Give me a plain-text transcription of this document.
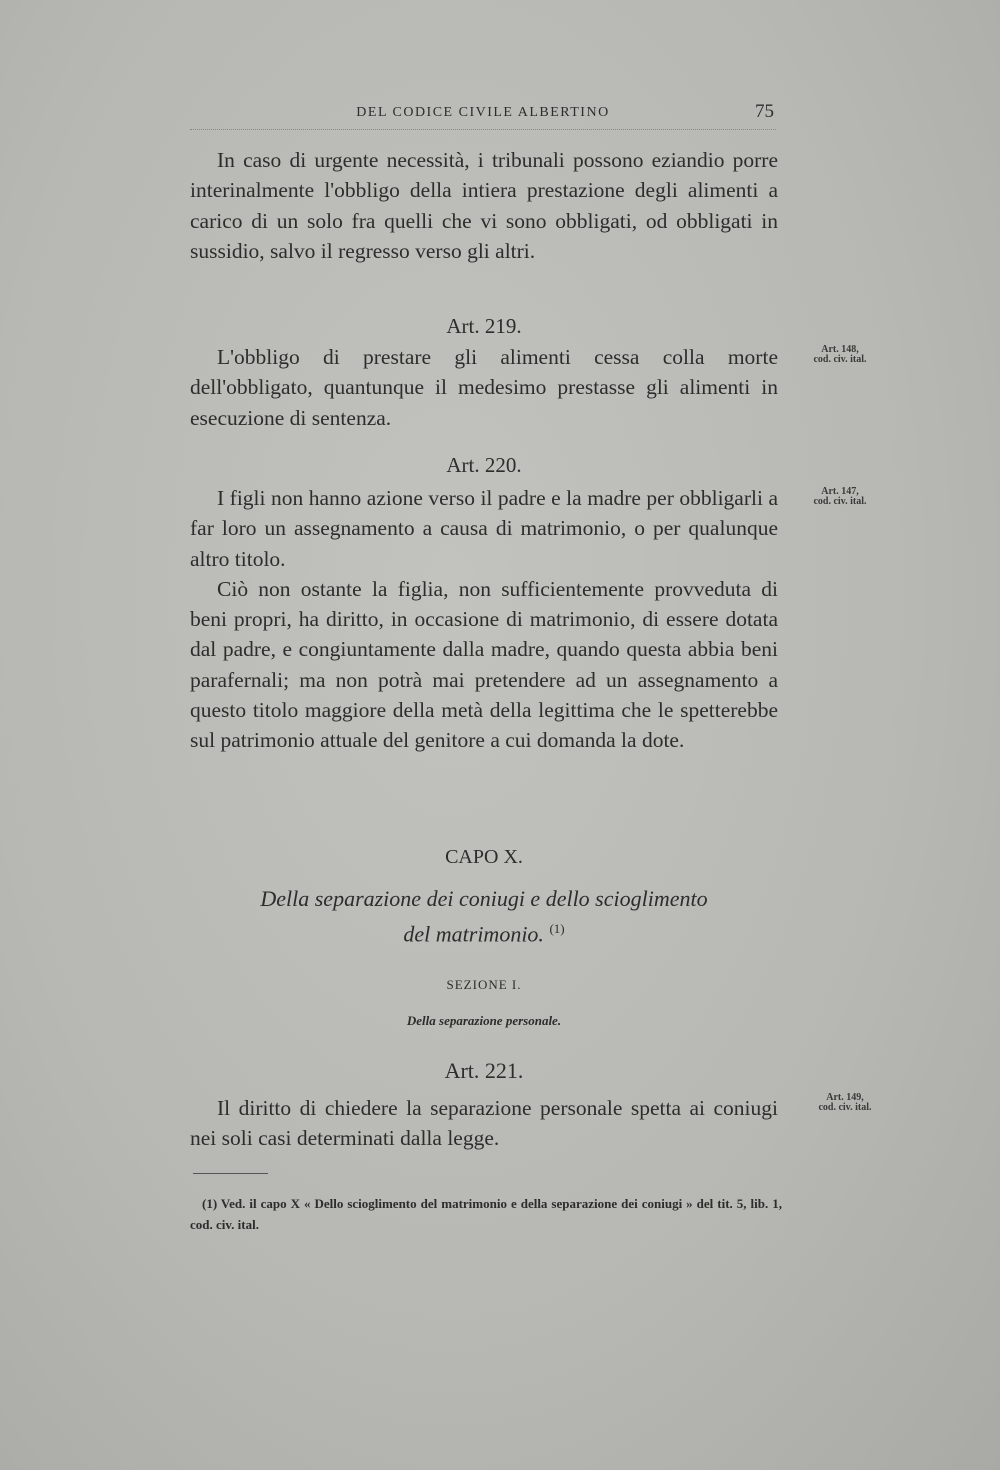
DEL CODICE CIVILE ALBERTINO	75

In caso di urgente necessità, i tribunali possono eziandio porre interinalmente l'obbligo della intiera prestazione degli alimenti a carico di un solo fra quelli che vi sono obbligati, od obbligati in sussidio, salvo il regresso verso gli altri.

Art. 219.

L'obbligo di prestare gli alimenti cessa colla morte dell'obbligato, quantunque il medesimo prestasse gli alimenti in esecuzione di sentenza.

Art. 148,
cod. civ. ital.
Art. 220.

I figli non hanno azione verso il padre e la madre per obbligarli a far loro un assegnamento a causa di matrimonio, o per qualunque altro titolo.

Ciò non ostante la figlia, non sufficientemente provveduta di beni propri, ha diritto, in occasione di matrimonio, di essere dotata dal padre, e congiuntamente dalla madre, quando questa abbia beni parafernali; ma non potrà mai pretendere ad un assegnamento a questo titolo maggiore della metà della legittima che le spetterebbe sul patrimonio attuale del genitore a cui domanda la dote.

Art. 147,
cod. civ. ital.
CAPO X.
Della separazione dei coniugi e dello scioglimento
del matrimonio. $^{(1)}$
SEZIONE I.
Della separazione personale.
Art. 221.

Il diritto di chiedere la separazione personale spetta ai coniugi nei soli casi determinati dalla legge.

Art. 149,
cod. civ. ital.
(1) Ved. il capo X « Dello scioglimento del matrimonio e della separazione dei coniugi » del tit. 5, lib. 1, cod. civ. ital.
